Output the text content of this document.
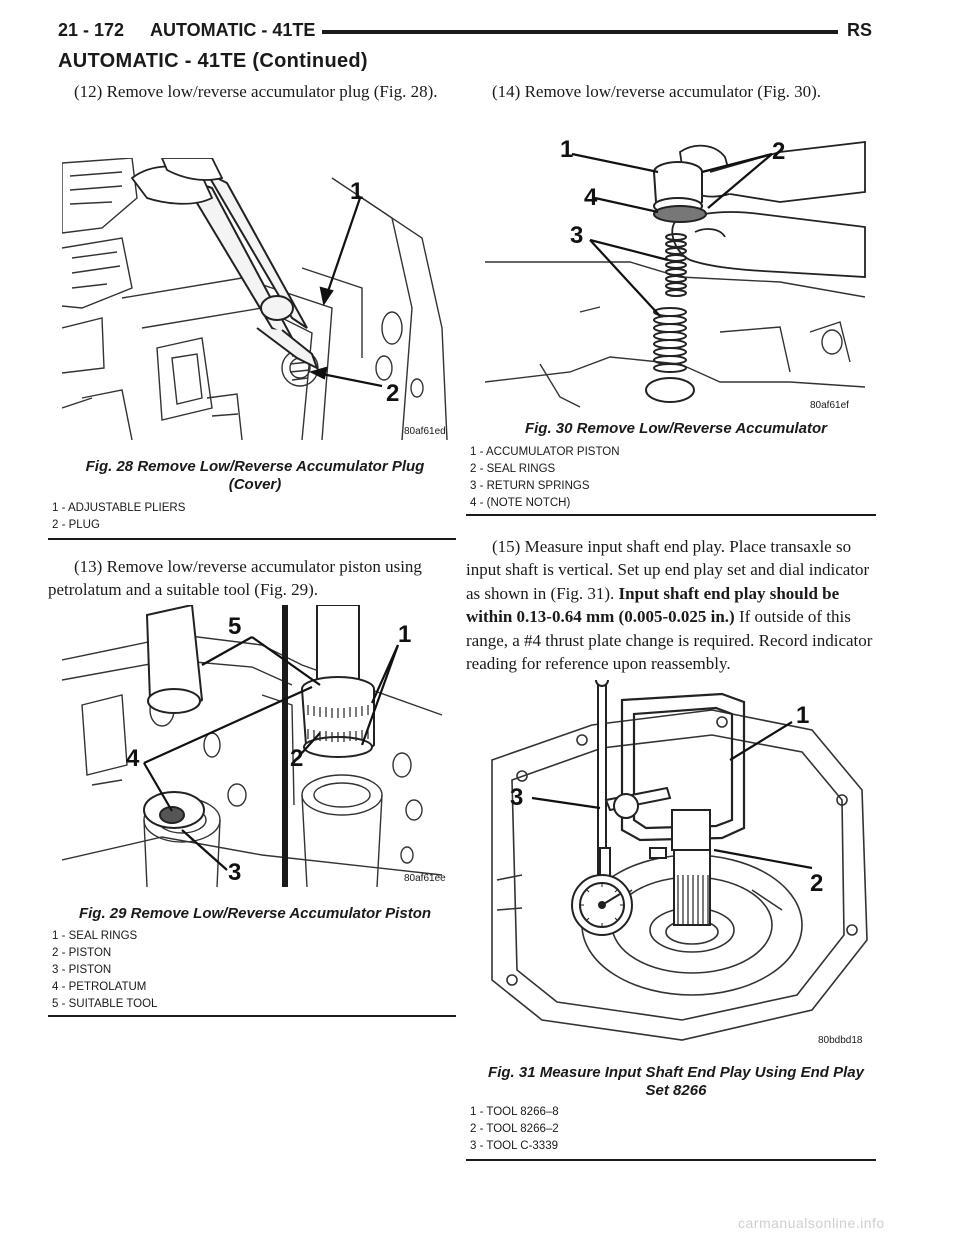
21 - 172 AUTOMATIC - 41TE	RS
AUTOMATIC - 41TE (Continued)
(12) Remove low/reverse accumulator plug (Fig. 28).
1
2
80af61ed
Fig. 28 Remove Low/Reverse Accumulator Plug (Cover)
1 - ADJUSTABLE PLIERS
2 - PLUG
(13) Remove low/reverse accumulator piston using petrolatum and a suitable tool (Fig. 29).
5	1
2
4
3	80af61ee
Fig. 29 Remove Low/Reverse Accumulator Piston
1 - SEAL RINGS
2 - PISTON
3 - PISTON
4 - PETROLATUM
5 - SUITABLE TOOL
(14) Remove low/reverse accumulator (Fig. 30).
1	2
4
3
80af61ef
Fig. 30 Remove Low/Reverse Accumulator
1 - ACCUMULATOR PISTON
2 - SEAL RINGS
3 - RETURN SPRINGS
4 - (NOTE NOTCH)
(15) Measure input shaft end play. Place transaxle so input shaft is vertical. Set up end play set and dial indicator as shown in (Fig. 31). Input shaft end play should be within 0.13-0.64 mm (0.005-0.025 in.) If outside of this range, a #4 thrust plate change is required. Record indicator reading for reference upon reassembly.
1
2
3
80bdbd18
Fig. 31 Measure Input Shaft End Play Using End Play Set 8266
1 - TOOL 8266–8
2 - TOOL 8266–2
3 - TOOL C-3339
carmanualsonline.info
